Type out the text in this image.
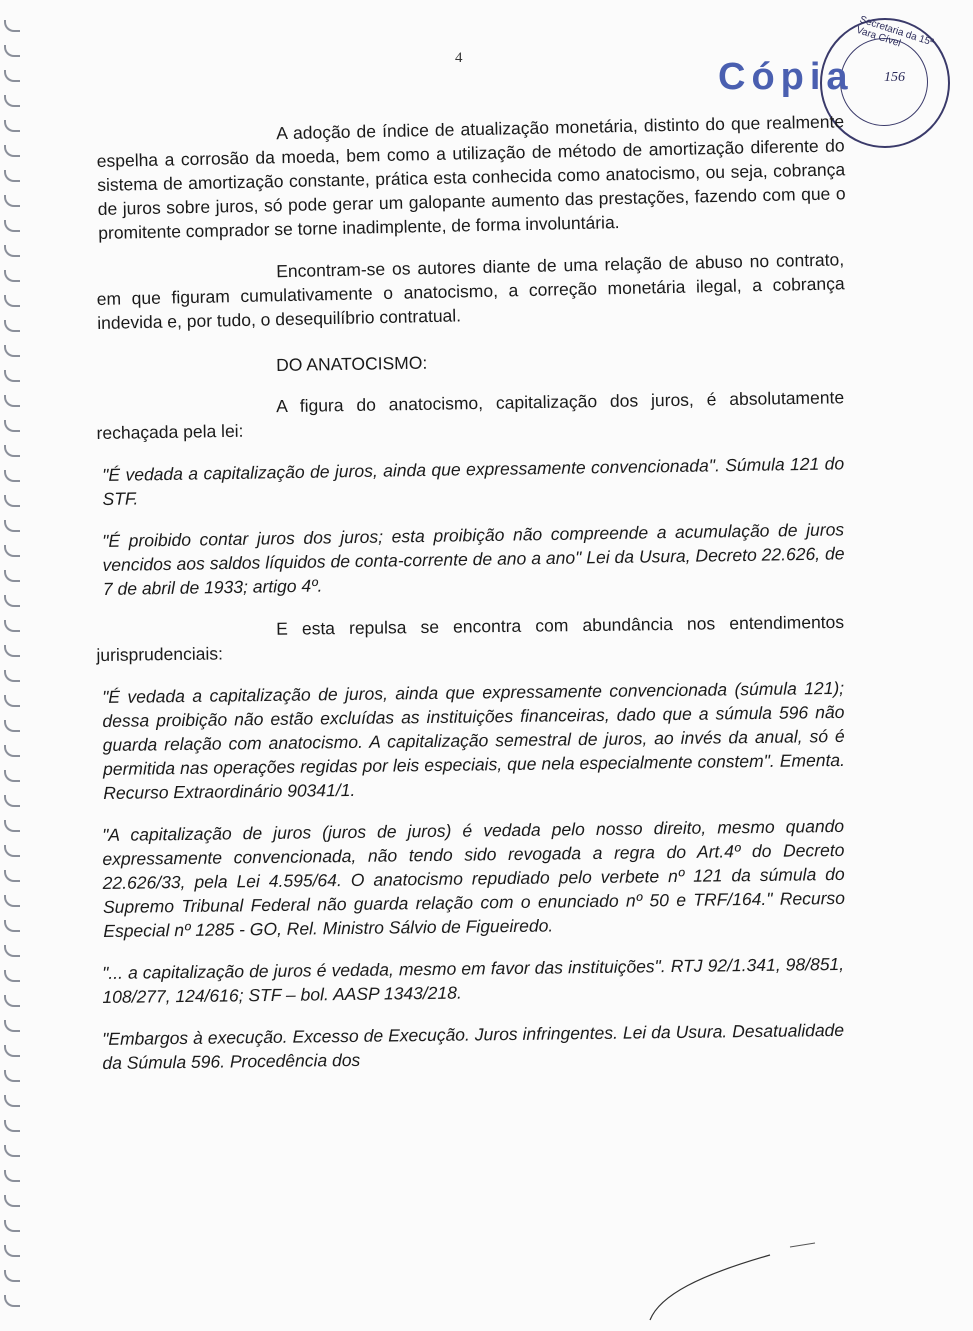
4
Secretaria da 15ª Vara Cível
156
Cópia

A adoção de índice de atualização monetária, distinto do que realmente espelha a corrosão da moeda, bem como a utilização de método de amortização diferente do sistema de amortização constante, prática esta conhecida como anatocismo, ou seja, cobrança de juros sobre juros, só pode gerar um galopante aumento das prestações, fazendo com que o promitente comprador se torne inadimplente, de forma involuntária.

Encontram-se os autores diante de uma relação de abuso no contrato, em que figuram cumulativamente o anatocismo, a correção monetária ilegal, a cobrança indevida e, por tudo, o desequilíbrio contratual.

DO ANATOCISMO:

A figura do anatocismo, capitalização dos juros, é absolutamente rechaçada pela lei:

"É vedada a capitalização de juros, ainda que expressamente convencionada". Súmula 121 do STF.

"É proibido contar juros dos juros; esta proibição não compreende a acumulação de juros vencidos aos saldos líquidos de conta-corrente de ano a ano" Lei da Usura, Decreto 22.626, de 7 de abril de 1933; artigo 4º.

E esta repulsa se encontra com abundância nos entendimentos jurisprudenciais:

"É vedada a capitalização de juros, ainda que expressamente convencionada (súmula 121); dessa proibição não estão excluídas as instituições financeiras, dado que a súmula 596 não guarda relação com anatocismo. A capitalização semestral de juros, ao invés da anual, só é permitida nas operações regidas por leis especiais, que nela especialmente constem". Ementa. Recurso Extraordinário 90341/1.

"A capitalização de juros (juros de juros) é vedada pelo nosso direito, mesmo quando expressamente convencionada, não tendo sido revogada a regra do Art.4º do Decreto 22.626/33, pela Lei 4.595/64. O anatocismo repudiado pelo verbete nº 121 da súmula do Supremo Tribunal Federal não guarda relação com o enunciado nº 50 e TRF/164." Recurso Especial nº 1285 - GO, Rel. Ministro Sálvio de Figueiredo.

"... a capitalização de juros é vedada, mesmo em favor das instituições". RTJ 92/1.341, 98/851, 108/277, 124/616; STF – bol. AASP 1343/218.

"Embargos à execução. Excesso de Execução. Juros infringentes. Lei da Usura. Desatualidade da Súmula 596. Procedência dos
